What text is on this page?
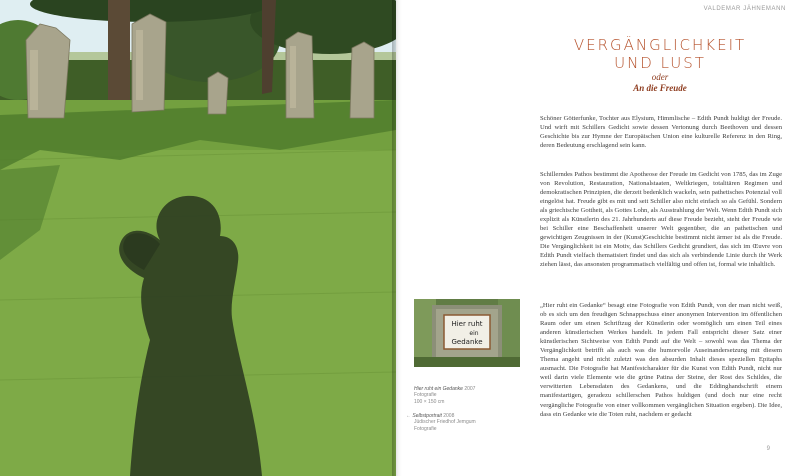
VALDEMAR JÄHNEMANN
VERGÄNGLICHKEIT
UND LUST
oder
An die Freude

Schöner Götterfunke, Tochter aus Elysium, Himmlische – Edith Pundt huldigt der Freude. Und wirft mit Schillers Gedicht sowie dessen Vertonung durch Beethoven und dessen Geschichte bis zur Hymne der Europäischen Union eine kulturelle Referenz in den Ring, deren Bedeutung erschlagend sein kann.

Schillerndes Pathos bestimmt die Apotheose der Freude im Gedicht von 1785, das im Zuge von Revolution, Restauration, Nationalstaaten, Weltkriegen, totalitären Regimen und demokratischen Prinzipien, die derzeit bedenklich wackeln, sein pathetisches Potenzial voll eingelöst hat. Freude gibt es mit und seit Schiller also nicht einfach so als Gefühl. Sondern als griechische Gottheit, als Gottes Lohn, als Ausstrahlung der Welt. Wenn Edith Pundt sich explizit als Künstlerin des 21. Jahrhunderts auf diese Freude bezieht, steht der Freude wie bei Schiller eine Beschaffenheit unserer Welt gegenüber, die an pathetischen und gewichtigen Zeugnissen in der (Kunst)Geschichte bestimmt nicht ärmer ist als die Freude. Die Vergänglichkeit ist ein Motiv, das Schillers Gedicht grundiert, das sich im Œuvre von Edith Pundt vielfach thematisiert findet und das sich als verbindende Linie durch ihr Werk ziehen lässt, das ansonsten programmatisch vielfältig und offen ist, formal wie inhaltlich.

„Hier ruht ein Gedanke“ besagt eine Fotografie von Edith Pundt, von der man nicht weiß, ob es sich um den freudigen Schnappschuss einer anonymen Intervention im öffentlichen Raum oder um einen Schriftzug der Künstlerin oder womöglich um einen Teil eines anderen künstlerischen Werkes handelt. In jedem Fall entspricht dieser Satz einer künstlerischen Sichtweise von Edith Pundt auf die Welt – sowohl was das Thema der Vergänglichkeit betrifft als auch was die humorvolle Auseinandersetzung mit diesem Thema angeht und nicht zuletzt was den absurden Inhalt dieses speziellen Epitaphs ausmacht. Die Fotografie hat Manifestcharakter für die Kunst von Edith Pundt, nicht nur weil darin viele Elemente wie die grüne Patina der Steine, der Rost des Schildes, die verwitterten Lebensdaten des Gedankens, und die Eddinghandschrift einem manifestartigen, geradezu schillerschen Pathos huldigen (und doch nur eine recht vergängliche Fotografie von einer vollkommen vergänglichen Situation ergeben). Die Idee, dass ein Gedanke wie die Toten ruht, nachdem er gedacht

Hier ruht
ein
Gedanke
Hier ruht ein Gedanke 2007
Fotografie
100 × 150 cm
← Selbstportrait 2008
Jüdischer Friedhof Jemgum
Fotografie
9
